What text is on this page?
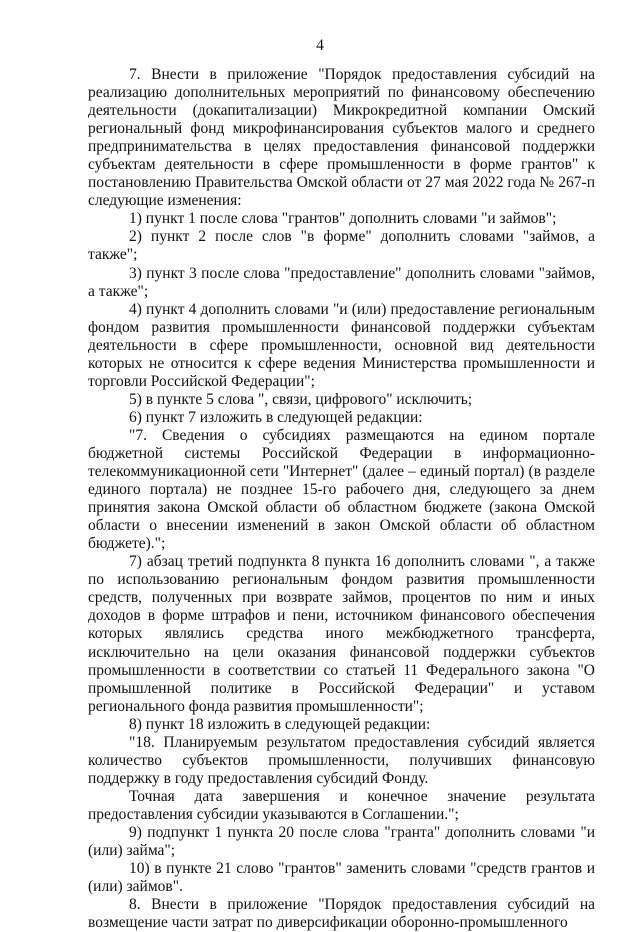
4

7. Внести в приложение "Порядок предоставления субсидий на реализацию дополнительных мероприятий по финансовому обеспечению деятельности (докапитализации) Микрокредитной компании Омский региональный фонд микрофинансирования субъектов малого и среднего предпринимательства в целях предоставления финансовой поддержки субъектам деятельности в сфере промышленности в форме грантов" к постановлению Правительства Омской области от 27 мая 2022 года № 267-п следующие изменения:

1) пункт 1 после слова "грантов" дополнить словами "и займов";

2) пункт 2 после слов "в форме" дополнить словами "займов, а также";

3) пункт 3 после слова "предоставление" дополнить словами "займов, а также";

4) пункт 4 дополнить словами "и (или) предоставление региональным фондом развития промышленности финансовой поддержки субъектам деятельности в сфере промышленности, основной вид деятельности которых не относится к сфере ведения Министерства промышленности и торговли Российской Федерации";

5) в пункте 5 слова ", связи, цифрового" исключить;

6) пункт 7 изложить в следующей редакции:

"7. Сведения о субсидиях размещаются на едином портале бюджетной системы Российской Федерации в информационно-телекоммуникационной сети "Интернет" (далее – единый портал) (в разделе единого портала) не позднее 15-го рабочего дня, следующего за днем принятия закона Омской области об областном бюджете (закона Омской области о внесении изменений в закон Омской области об областном бюджете).";

7) абзац третий подпункта 8 пункта 16 дополнить словами ", а также по использованию региональным фондом развития промышленности средств, полученных при возврате займов, процентов по ним и иных доходов в форме штрафов и пени, источником финансового обеспечения которых являлись средства иного межбюджетного трансферта, исключительно на цели оказания финансовой поддержки субъектов промышленности в соответствии со статьей 11 Федерального закона "О промышленной политике в Российской Федерации" и уставом регионального фонда развития промышленности";

8) пункт 18 изложить в следующей редакции:

"18. Планируемым результатом предоставления субсидий является количество субъектов промышленности, получивших финансовую поддержку в году предоставления субсидий Фонду.

Точная дата завершения и конечное значение результата предоставления субсидии указываются в Соглашении.";

9) подпункт 1 пункта 20 после слова "гранта" дополнить словами "и (или) займа";

10) в пункте 21 слово "грантов" заменить словами "средств грантов и (или) займов".

8. Внести в приложение "Порядок предоставления субсидий на возмещение части затрат по диверсификации оборонно-промышленного
